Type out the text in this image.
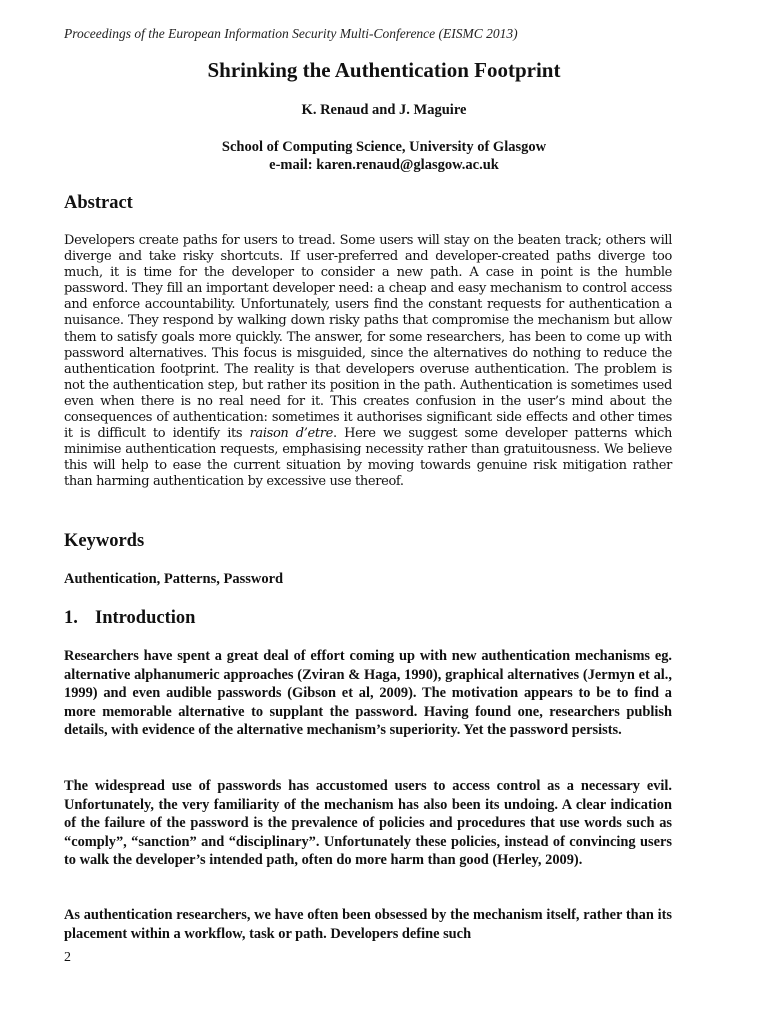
Proceedings of the European Information Security Multi-Conference (EISMC 2013)
Shrinking the Authentication Footprint
K. Renaud and J. Maguire
School of Computing Science, University of Glasgow
e-mail: karen.renaud@glasgow.ac.uk
Abstract
Developers create paths for users to tread. Some users will stay on the beaten track; others will diverge and take risky shortcuts. If user-preferred and developer-created paths diverge too much, it is time for the developer to consider a new path. A case in point is the humble password. They fill an important developer need: a cheap and easy mechanism to control access and enforce accountability. Unfortunately, users find the constant requests for authentication a nuisance. They respond by walking down risky paths that compromise the mechanism but allow them to satisfy goals more quickly. The answer, for some researchers, has been to come up with password alternatives. This focus is misguided, since the alternatives do nothing to reduce the authentication footprint. The reality is that developers overuse authentication. The problem is not the authentication step, but rather its position in the path. Authentication is sometimes used even when there is no real need for it. This creates confusion in the user’s mind about the consequences of authentication: sometimes it authorises significant side effects and other times it is difficult to identify its raison d’etre. Here we suggest some developer patterns which minimise authentication requests, emphasising necessity rather than gratuitousness. We believe this will help to ease the current situation by moving towards genuine risk mitigation rather than harming authentication by excessive use thereof.
Keywords
Authentication, Patterns, Password
1. Introduction
Researchers have spent a great deal of effort coming up with new authentication mechanisms eg. alternative alphanumeric approaches (Zviran & Haga, 1990), graphical alternatives (Jermyn et al., 1999) and even audible passwords (Gibson et al, 2009). The motivation appears to be to find a more memorable alternative to supplant the password. Having found one, researchers publish details, with evidence of the alternative mechanism’s superiority. Yet the password persists.
The widespread use of passwords has accustomed users to access control as a necessary evil. Unfortunately, the very familiarity of the mechanism has also been its undoing. A clear indication of the failure of the password is the prevalence of policies and procedures that use words such as “comply”, “sanction” and “disciplinary”. Unfortunately these policies, instead of convincing users to walk the developer’s intended path, often do more harm than good (Herley, 2009).
As authentication researchers, we have often been obsessed by the mechanism itself, rather than its placement within a workflow, task or path. Developers define such
2
